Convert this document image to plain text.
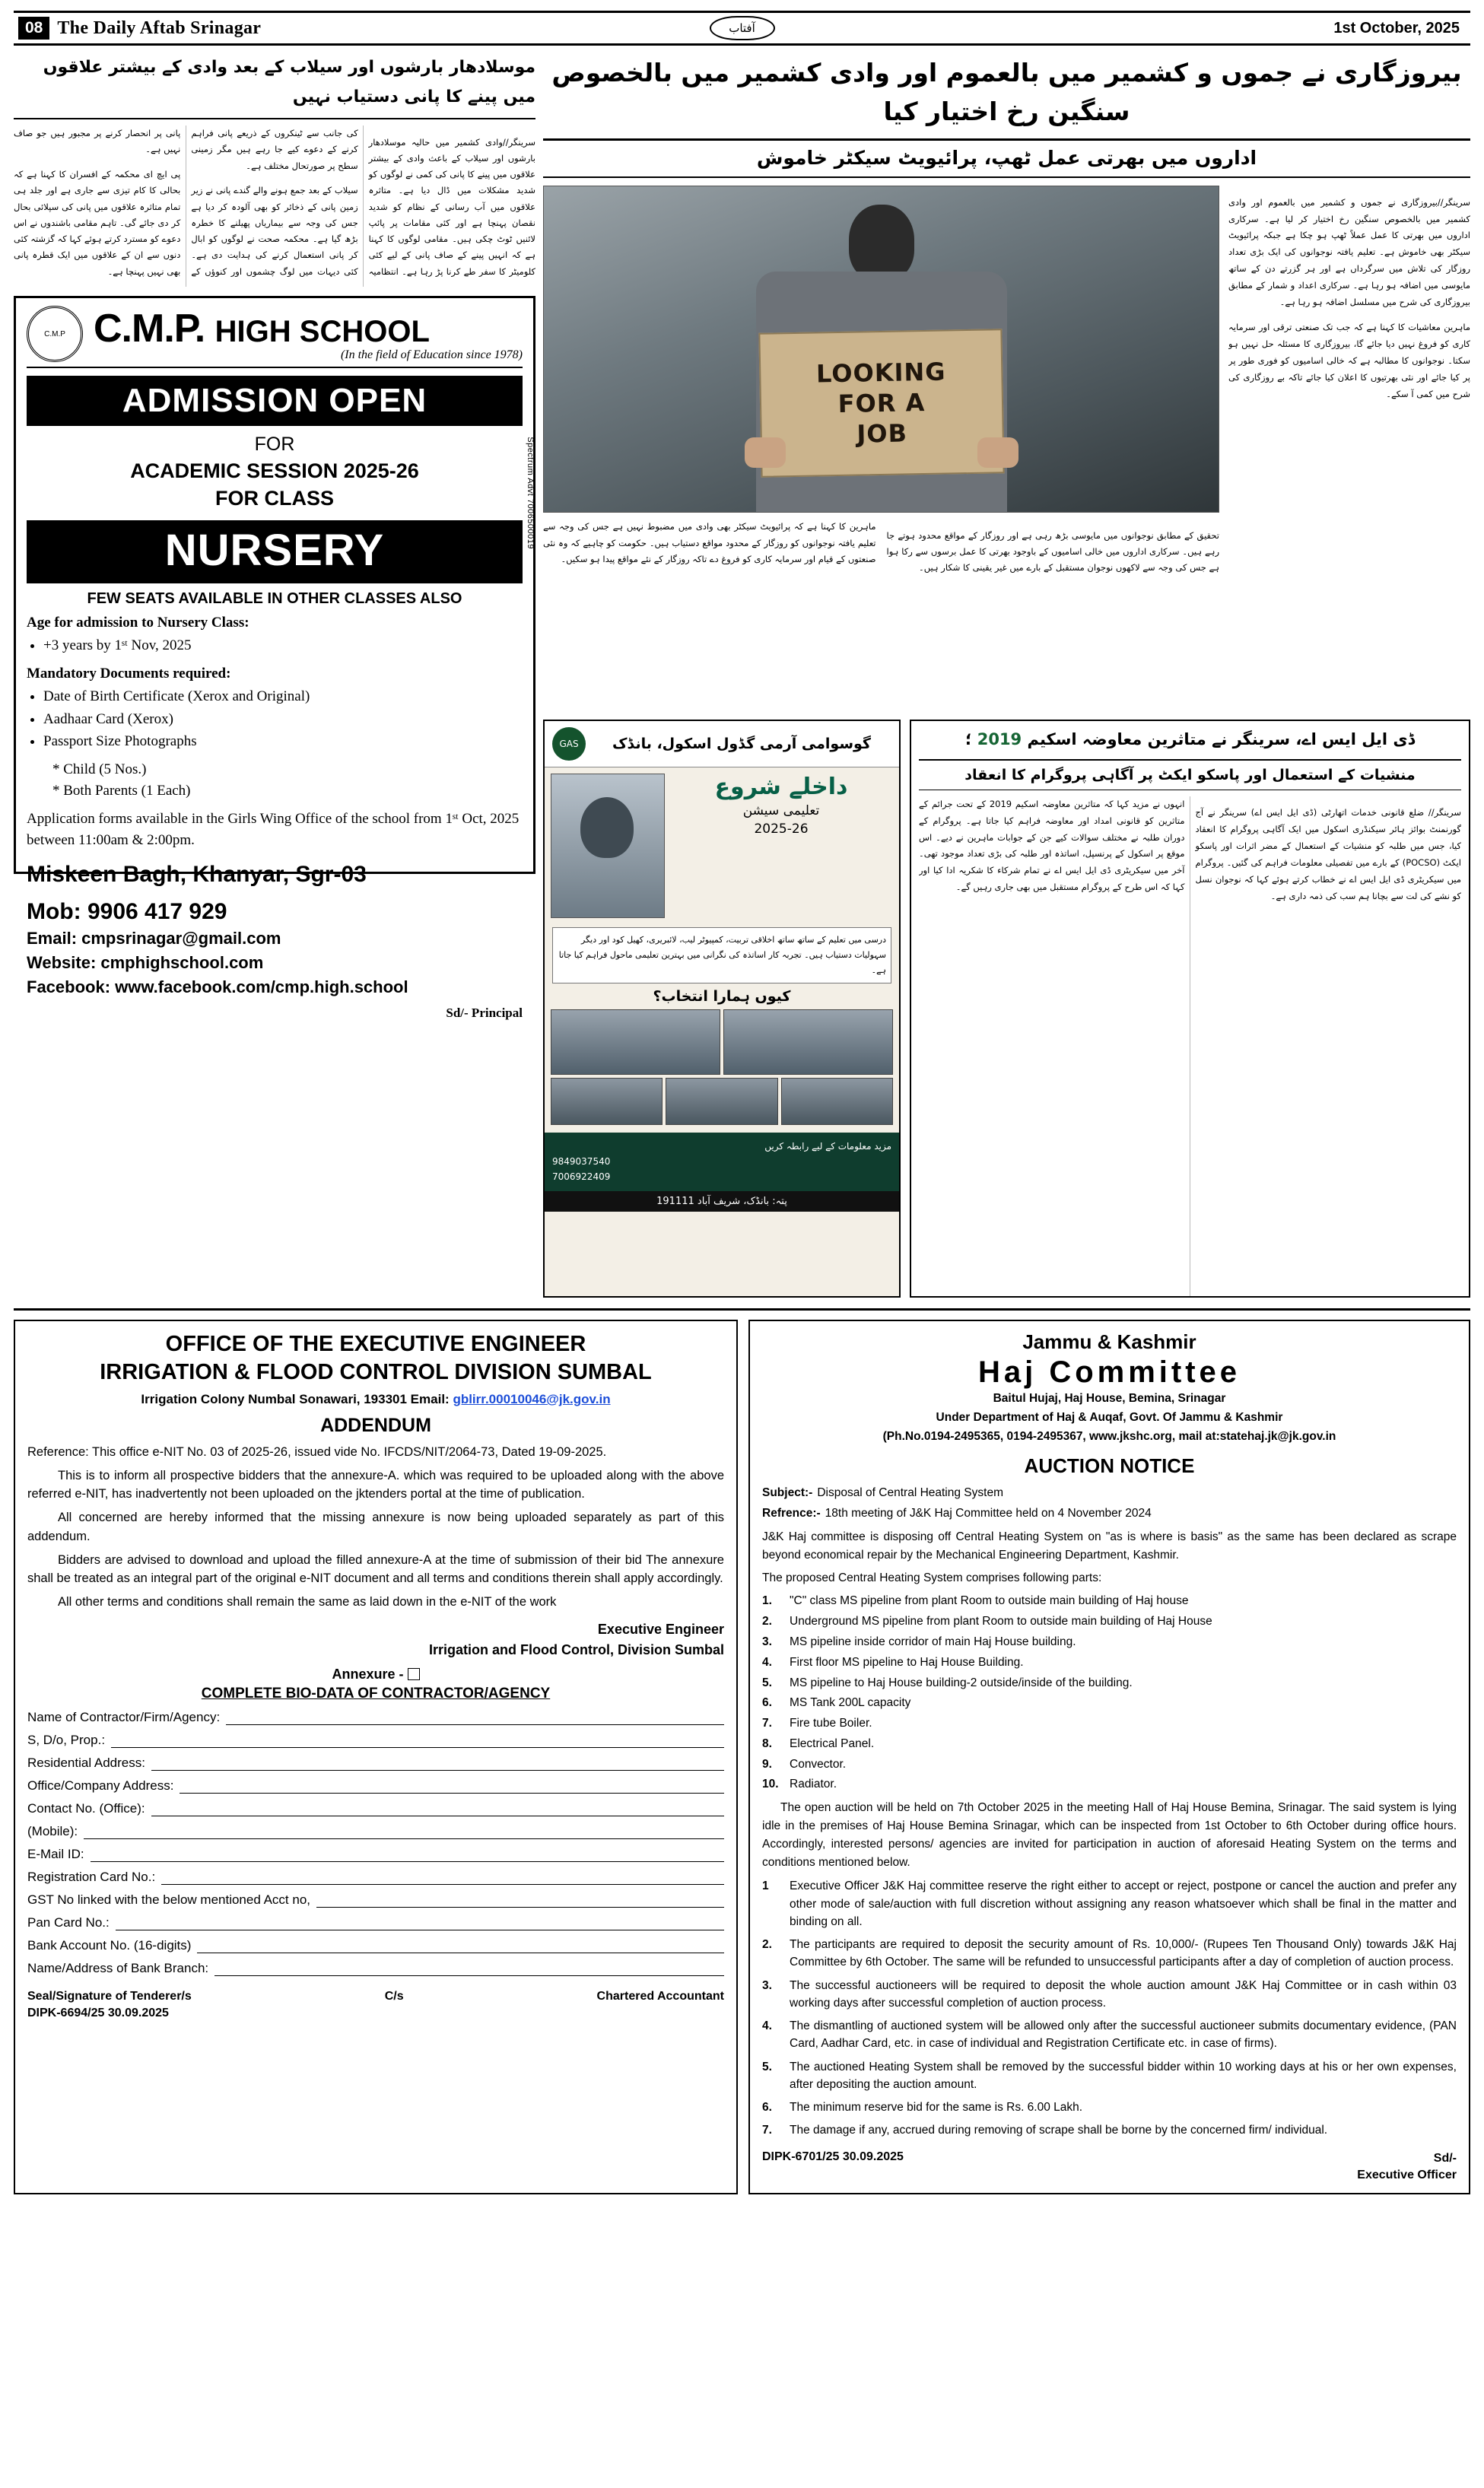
08 The Daily Aftab Srinagar	آفتاب	1st October, 2025
موسلادھار بارشوں اور سیلاب کے بعد وادی کے بیشتر علاقوں میں پینے کا پانی دستیاب نہیں

سرینگر//وادی کشمیر میں حالیہ موسلادھار بارشوں اور سیلاب کے باعث وادی کے بیشتر علاقوں میں پینے کا پانی کی کمی نے لوگوں کو شدید مشکلات میں ڈال دیا ہے۔ متاثرہ علاقوں میں آب رسانی کے نظام کو شدید نقصان پہنچا ہے اور کئی مقامات پر پائپ لائنیں ٹوٹ چکی ہیں۔ مقامی لوگوں کا کہنا ہے کہ انہیں پینے کے صاف پانی کے لیے کئی کلومیٹر کا سفر طے کرنا پڑ رہا ہے۔ انتظامیہ کی جانب سے ٹینکروں کے ذریعے پانی فراہم کرنے کے دعوے کیے جا رہے ہیں مگر زمینی سطح پر صورتحال مختلف ہے۔

سیلاب کے بعد جمع ہونے والے گندے پانی نے زیر زمین پانی کے ذخائر کو بھی آلودہ کر دیا ہے جس کی وجہ سے بیماریاں پھیلنے کا خطرہ بڑھ گیا ہے۔ محکمہ صحت نے لوگوں کو ابال کر پانی استعمال کرنے کی ہدایت دی ہے۔ کئی دیہات میں لوگ چشموں اور کنوؤں کے پانی پر انحصار کرنے پر مجبور ہیں جو صاف نہیں ہے۔

پی ایچ ای محکمہ کے افسران کا کہنا ہے کہ بحالی کا کام تیزی سے جاری ہے اور جلد ہی تمام متاثرہ علاقوں میں پانی کی سپلائی بحال کر دی جائے گی۔ تاہم مقامی باشندوں نے اس دعوے کو مسترد کرتے ہوئے کہا کہ گزشتہ کئی دنوں سے ان کے علاقوں میں ایک قطرہ پانی بھی نہیں پہنچا ہے۔

Spectrum Advt 7006500019
C.M.P C.M.P. HIGH SCHOOL
(In the field of Education since 1978)
ADMISSION OPEN
FOR
ACADEMIC SESSION 2025-26
FOR CLASS
NURSERY
FEW SEATS AVAILABLE IN OTHER CLASSES ALSO
Age for admission to Nursery Class:
• +3 years by 1ˢᵗ Nov, 2025
Mandatory Documents required:
• Date of Birth Certificate (Xerox and Original)
• Aadhaar Card (Xerox)
• Passport Size Photographs
* Child (5 Nos.)
* Both Parents (1 Each)
Application forms available in the Girls Wing Office of the school from 1ˢᵗ Oct, 2025 between 11:00am & 2:00pm.
Miskeen Bagh, Khanyar, Sgr-03
Mob: 9906 417 929
Email: cmpsrinagar@gmail.com
Website: cmphighschool.com
Facebook: www.facebook.com/cmp.high.school
Sd/- Principal
بیروزگاری نے جموں و کشمیر میں بالعموم اور وادی کشمیر میں بالخصوص سنگین رخ اختیار کیا
اداروں میں بھرتی عمل ٹھپ، پرائیویٹ سیکٹر خاموش
LOOKING
FOR A
JOB

تحقیق کے مطابق نوجوانوں میں مایوسی بڑھ رہی ہے اور روزگار کے مواقع محدود ہوتے جا رہے ہیں۔ سرکاری اداروں میں خالی اسامیوں کے باوجود بھرتی کا عمل برسوں سے رکا ہوا ہے جس کی وجہ سے لاکھوں نوجوان مستقبل کے بارے میں غیر یقینی کا شکار ہیں۔

ماہرین کا کہنا ہے کہ پرائیویٹ سیکٹر بھی وادی میں مضبوط نہیں ہے جس کی وجہ سے تعلیم یافتہ نوجوانوں کو روزگار کے محدود مواقع دستیاب ہیں۔ حکومت کو چاہیے کہ وہ نئی صنعتوں کے قیام اور سرمایہ کاری کو فروغ دے تاکہ روزگار کے نئے مواقع پیدا ہو سکیں۔

سرینگر//بیروزگاری نے جموں و کشمیر میں بالعموم اور وادی کشمیر میں بالخصوص سنگین رخ اختیار کر لیا ہے۔ سرکاری اداروں میں بھرتی کا عمل عملاً ٹھپ ہو چکا ہے جبکہ پرائیویٹ سیکٹر بھی خاموش ہے۔ تعلیم یافتہ نوجوانوں کی ایک بڑی تعداد روزگار کی تلاش میں سرگرداں ہے اور ہر گزرتے دن کے ساتھ مایوسی میں اضافہ ہو رہا ہے۔ سرکاری اعداد و شمار کے مطابق بیروزگاری کی شرح میں مسلسل اضافہ ہو رہا ہے۔

ماہرین معاشیات کا کہنا ہے کہ جب تک صنعتی ترقی اور سرمایہ کاری کو فروغ نہیں دیا جائے گا، بیروزگاری کا مسئلہ حل نہیں ہو سکتا۔ نوجوانوں کا مطالبہ ہے کہ خالی اسامیوں کو فوری طور پر پر کیا جائے اور نئی بھرتیوں کا اعلان کیا جائے تاکہ بے روزگاری کی شرح میں کمی آ سکے۔

GAS	گوسوامی آرمی گڈول اسکول، بانڈک
داخلے شروع
تعلیمی سیشن
2025-26
درسی میں تعلیم کے ساتھ ساتھ اخلاقی تربیت، کمپیوٹر لیب، لائبریری، کھیل کود اور دیگر سہولیات دستیاب ہیں۔ تجربہ کار اساتذہ کی نگرانی میں بہترین تعلیمی ماحول فراہم کیا جاتا ہے۔
کیوں ہمارا انتخاب؟
مزید معلومات کے لیے رابطہ کریں
9849037540
7006922409
پتہ: بانڈک، شریف آباد 191111
ڈی ایل ایس اے، سرینگر نے متاثرین معاوضہ اسکیم 2019 ؛
منشیات کے استعمال اور پاسکو ایکٹ پر آگاہی پروگرام کا انعقاد

سرینگر// ضلع قانونی خدمات اتھارٹی (ڈی ایل ایس اے) سرینگر نے آج گورنمنٹ بوائز ہائر سیکنڈری اسکول میں ایک آگاہی پروگرام کا انعقاد کیا، جس میں طلبہ کو منشیات کے استعمال کے مضر اثرات اور پاسکو ایکٹ (POCSO) کے بارے میں تفصیلی معلومات فراہم کی گئیں۔ پروگرام میں سیکریٹری ڈی ایل ایس اے نے خطاب کرتے ہوئے کہا کہ نوجوان نسل کو نشے کی لت سے بچانا ہم سب کی ذمہ داری ہے۔

انہوں نے مزید کہا کہ متاثرین معاوضہ اسکیم 2019 کے تحت جرائم کے متاثرین کو قانونی امداد اور معاوضہ فراہم کیا جاتا ہے۔ پروگرام کے دوران طلبہ نے مختلف سوالات کیے جن کے جوابات ماہرین نے دیے۔ اس موقع پر اسکول کے پرنسپل، اساتذہ اور طلبہ کی بڑی تعداد موجود تھی۔ آخر میں سیکریٹری ڈی ایل ایس اے نے تمام شرکاء کا شکریہ ادا کیا اور کہا کہ اس طرح کے پروگرام مستقبل میں بھی جاری رہیں گے۔

OFFICE OF THE EXECUTIVE ENGINEER
IRRIGATION & FLOOD CONTROL DIVISION SUMBAL
Irrigation Colony Numbal Sonawari, 193301 Email: gblirr.00010046@jk.gov.in
ADDENDUM
Reference: This office e-NIT No. 03 of 2025-26, issued vide No. IFCDS/NIT/2064-73, Dated 19-09-2025.
This is to inform all prospective bidders that the annexure-A. which was required to be uploaded along with the above referred e-NIT, has inadvertently not been uploaded on the jktenders portal at the time of publication.
All concerned are hereby informed that the missing annexure is now being uploaded separately as part of this addendum.
Bidders are advised to download and upload the filled annexure-A at the time of submission of their bid The annexure shall be treated as an integral part of the original e-NIT document and all terms and conditions therein shall apply accordingly.
All other terms and conditions shall remain the same as laid down in the e-NIT of the work
Executive Engineer
Irrigation and Flood Control, Division Sumbal
Annexure -
COMPLETE BIO-DATA OF CONTRACTOR/AGENCY
Name of Contractor/Firm/Agency:
S, D/o, Prop.:
Residential Address:
Office/Company Address:
Contact No. (Office):
(Mobile):
E-Mail ID:
Registration Card No.:
GST No linked with the below mentioned Acct no,
Pan Card No.:
Bank Account No. (16-digits)
Name/Address of Bank Branch:
Seal/Signature of Tenderer/s	C/s	Chartered Accountant
DIPK-6694/25 30.09.2025
Jammu & Kashmir
Haj Committee
Baitul Hujaj, Haj House, Bemina, Srinagar
Under Department of Haj & Auqaf, Govt. Of Jammu & Kashmir
(Ph.No.0194-2495365, 0194-2495367, www.jkshc.org, mail at:statehaj.jk@jk.gov.in
AUCTION NOTICE
Subject:- Disposal of Central Heating System
Refrence:- 18th meeting of J&K Haj Committee held on 4 November 2024
J&K Haj committee is disposing off Central Heating System on "as is where is basis" as the same has been declared as scrape beyond economical repair by the Mechanical Engineering Department, Kashmir.
The proposed Central Heating System comprises following parts:
1.	"C" class MS pipeline from plant Room to outside main building of Haj house
2.	Underground MS pipeline from plant Room to outside main building of Haj House
3.	MS pipeline inside corridor of main Haj House building.
4.	First floor MS pipeline to Haj House Building.
5.	MS pipeline to Haj House building-2 outside/inside of the building.
6.	MS Tank 200L capacity
7.	Fire tube Boiler.
8.	Electrical Panel.
9.	Convector.
10. Radiator.
The open auction will be held on 7th October 2025 in the meeting Hall of Haj House Bemina, Srinagar. The said system is lying idle in the premises of Haj House Bemina Srinagar, which can be inspected from 1st October to 6th October during office hours. Accordingly, interested persons/ agencies are invited for participation in auction of aforesaid Heating System on the terms and conditions mentioned below.
1	Executive Officer J&K Haj committee reserve the right either to accept or reject, postpone or cancel the auction and prefer any other mode of sale/auction with full discretion without assigning any reason whatsoever which shall be final in the matter and binding on all.
2.	The participants are required to deposit the security amount of Rs. 10,000/- (Rupees Ten Thousand Only) towards J&K Haj Committee by 6th October. The same will be refunded to unsuccessful participants after a day of completion of auction process.
3.	The successful auctioneers will be required to deposit the whole auction amount J&K Haj Committee or in cash within 03 working days after successful completion of auction process.
4.	The dismantling of auctioned system will be allowed only after the successful auctioneer submits documentary evidence, (PAN Card, Aadhar Card, etc. in case of individual and Registration Certificate etc. in case of firms).
5.	The auctioned Heating System shall be removed by the successful bidder within 10 working days at his or her own expenses, after depositing the auction amount.
6.	The minimum reserve bid for the same is Rs. 6.00 Lakh.
7.	The damage if any, accrued during removing of scrape shall be borne by the concerned firm/ individual.
DIPK-6701/25 30.09.2025	Sd/-
Executive Officer
